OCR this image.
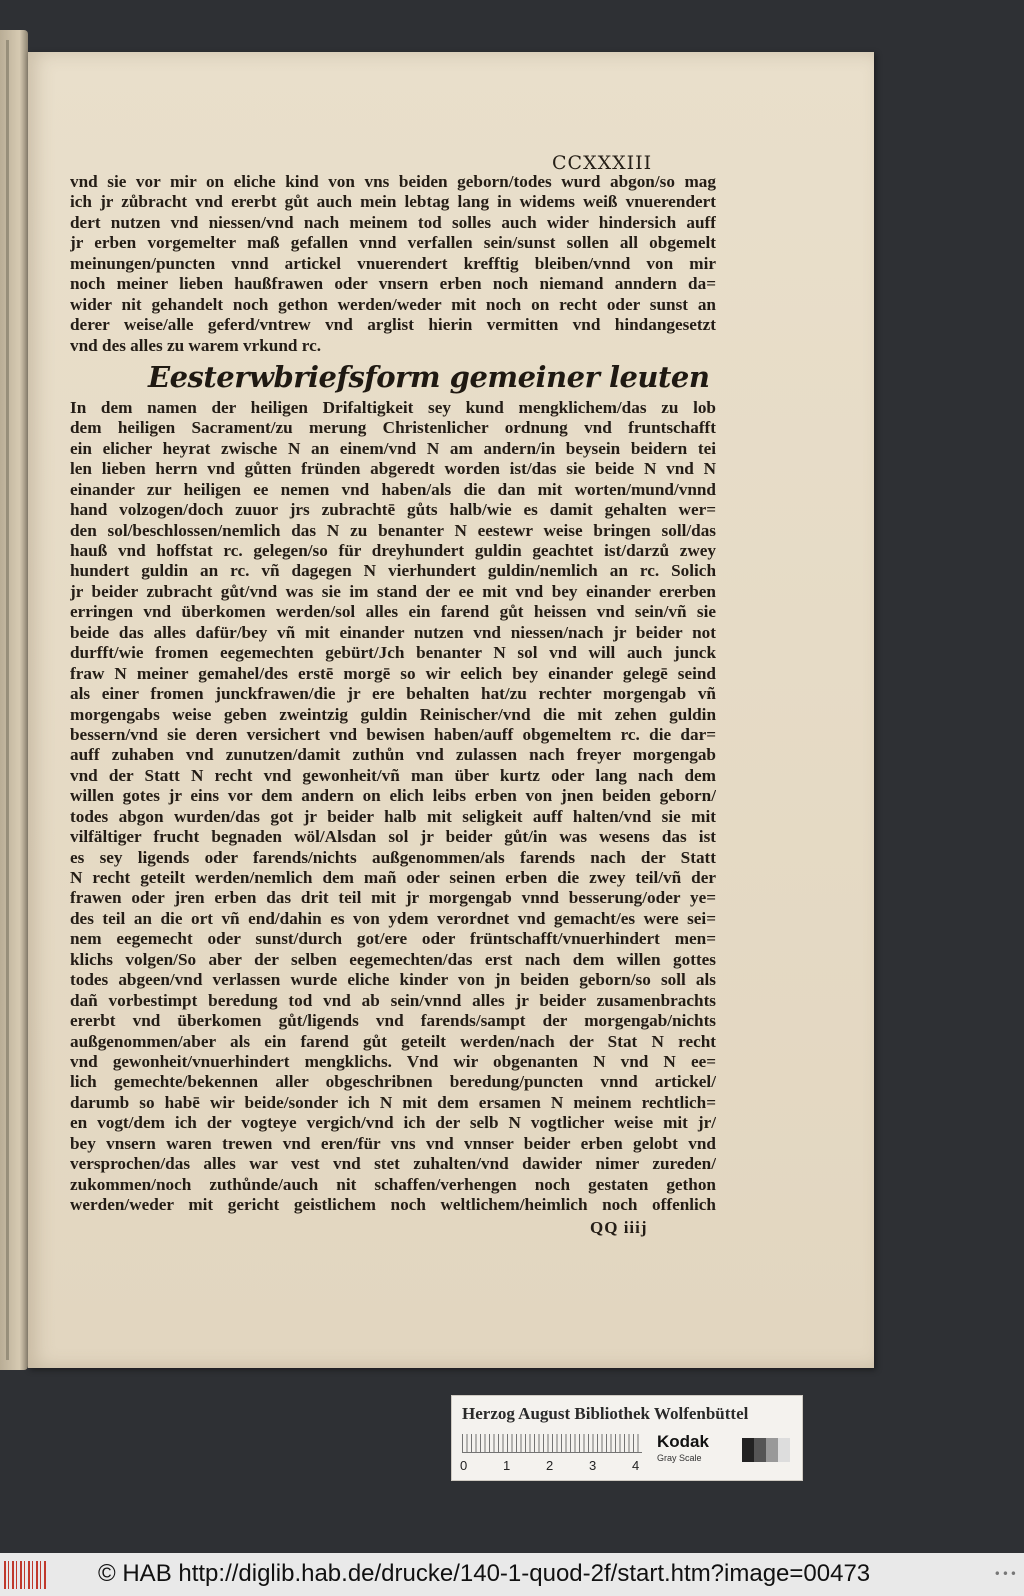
CCXXXIII
vnd sie vor mir on eliche kind von vns beiden geborn/todes wurd abgon/so mag
ich jr zůbracht vnd ererbt gůt auch mein lebtag lang in widems weiß vnuerendert
dert nutzen vnd niessen/vnd nach meinem tod solles auch wider hindersich auff
jr erben vorgemelter maß gefallen vnnd verfallen sein/sunst sollen all obgemelt
meinungen/puncten vnnd artickel vnuerendert krefftig bleiben/vnnd von mir
noch meiner lieben haußfrawen oder vnsern erben noch niemand anndern da=
wider nit gehandelt noch gethon werden/weder mit noch on recht oder sunst an
derer weise/alle geferd/vntrew vnd arglist hierin vermitten vnd hindangesetzt
vnd des alles zu warem vrkund rc.
Eesterwbriefsform gemeiner leuten
In dem namen der heiligen Drifaltigkeit sey kund mengklichem/das zu lob
dem heiligen Sacrament/zu merung Christenlicher ordnung vnd fruntschafft
ein elicher heyrat zwische N an einem/vnd N am andern/in beysein beidern tei
len lieben herrn vnd gůtten fründen abgeredt worden ist/das sie beide N vnd N
einander zur heiligen ee nemen vnd haben/als die dan mit worten/mund/vnnd
hand volzogen/doch zuuor jrs zubrachtē gůts halb/wie es damit gehalten wer=
den sol/beschlossen/nemlich das N zu benanter N eestewr weise bringen soll/das
hauß vnd hoffstat rc. gelegen/so für dreyhundert guldin geachtet ist/darzů zwey
hundert guldin an rc. vñ dagegen N vierhundert guldin/nemlich an rc. Solich
jr beider zubracht gůt/vnd was sie im stand der ee mit vnd bey einander ererben
erringen vnd überkomen werden/sol alles ein farend gůt heissen vnd sein/vñ sie
beide das alles dafür/bey vñ mit einander nutzen vnd niessen/nach jr beider not
durfft/wie fromen eegemechten gebürt/Jch benanter N sol vnd will auch junck
fraw N meiner gemahel/des erstē morgē so wir eelich bey einander gelegē seind
als einer fromen junckfrawen/die jr ere behalten hat/zu rechter morgengab vñ
morgengabs weise geben zweintzig guldin Reinischer/vnd die mit zehen guldin
bessern/vnd sie deren versichert vnd bewisen haben/auff obgemeltem rc. die dar=
auff zuhaben vnd zunutzen/damit zuthůn vnd zulassen nach freyer morgengab
vnd der Statt N recht vnd gewonheit/vñ man über kurtz oder lang nach dem
willen gotes jr eins vor dem andern on elich leibs erben von jnen beiden geborn/
todes abgon wurden/das got jr beider halb mit seligkeit auff halten/vnd sie mit
vilfältiger frucht begnaden wöl/Alsdan sol jr beider gůt/in was wesens das ist
es sey ligends oder farends/nichts außgenommen/als farends nach der Statt
N recht geteilt werden/nemlich dem mañ oder seinen erben die zwey teil/vñ der
frawen oder jren erben das drit teil mit jr morgengab vnnd besserung/oder ye=
des teil an die ort vñ end/dahin es von ydem verordnet vnd gemacht/es were sei=
nem eegemecht oder sunst/durch got/ere oder früntschafft/vnuerhindert men=
klichs volgen/So aber der selben eegemechten/das erst nach dem willen gottes
todes abgeen/vnd verlassen wurde eliche kinder von jn beiden geborn/so soll als
dañ vorbestimpt beredung tod vnd ab sein/vnnd alles jr beider zusamenbrachts
ererbt vnd überkomen gůt/ligends vnd farends/sampt der morgengab/nichts
außgenommen/aber als ein farend gůt geteilt werden/nach der Stat N recht
vnd gewonheit/vnuerhindert mengklichs. Vnd wir obgenanten N vnd N ee=
lich gemechte/bekennen aller obgeschribnen beredung/puncten vnnd artickel/
darumb so habē wir beide/sonder ich N mit dem ersamen N meinem rechtlich=
en vogt/dem ich der vogteye vergich/vnd ich der selb N vogtlicher weise mit jr/
bey vnsern waren trewen vnd eren/für vns vnd vnnser beider erben gelobt vnd
versprochen/das alles war vest vnd stet zuhalten/vnd dawider nimer zureden/
zukommen/noch zuthůnde/auch nit schaffen/verhengen noch gestaten gethon
werden/weder mit gericht geistlichem noch weltlichem/heimlich noch offenlich
QQ iiij
Herzog August Bibliothek Wolfenbüttel
0	1	2	3	4
Kodak
Gray Scale
© HAB http://diglib.hab.de/drucke/140-1-quod-2f/start.htm?image=00473	•••
